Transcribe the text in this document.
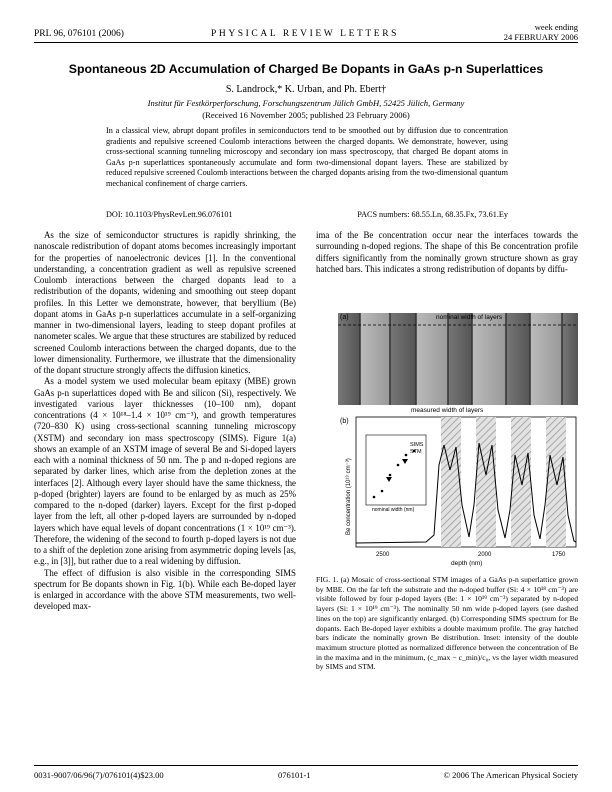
PRL 96, 076101 (2006)	PHYSICAL REVIEW LETTERS
week ending
24 FEBRUARY 2006
Spontaneous 2D Accumulation of Charged Be Dopants in GaAs p-n Superlattices
S. Landrock,* K. Urban, and Ph. Ebert†
Institut für Festkörperforschung, Forschungszentrum Jülich GmbH, 52425 Jülich, Germany
(Received 16 November 2005; published 23 February 2006)
In a classical view, abrupt dopant profiles in semiconductors tend to be smoothed out by diffusion due to concentration gradients and repulsive screened Coulomb interactions between the charged dopants. We demonstrate, however, using cross-sectional scanning tunneling microscopy and secondary ion mass spectroscopy, that charged Be dopant atoms in GaAs p-n superlattices spontaneously accumulate and form two-dimensional dopant layers. These are stabilized by reduced repulsive screened Coulomb interactions between the charged dopants arising from the two-dimensional quantum mechanical confinement of charge carriers.
DOI: 10.1103/PhysRevLett.96.076101	PACS numbers: 68.55.Ln, 68.35.Fx, 73.61.Ey

As the size of semiconductor structures is rapidly shrinking, the nanoscale redistribution of dopant atoms becomes increasingly important for the properties of nanoelectronic devices [1]. In the conventional understanding, a concentration gradient as well as repulsive screened Coulomb interactions between the charged dopants lead to a redistribution of the dopants, widening and smoothing out steep dopant profiles. In this Letter we demonstrate, however, that beryllium (Be) dopant atoms in GaAs p-n superlattices accumulate in a self-organizing manner in two-dimensional layers, leading to steep dopant profiles at nanometer scales. We argue that these structures are stabilized by reduced screened Coulomb interactions between the charged dopants, due to the lower dimensionality. Furthermore, we illustrate that the dimensionality of the dopant structure strongly affects the diffusion kinetics.

As a model system we used molecular beam epitaxy (MBE) grown GaAs p-n superlattices doped with Be and silicon (Si), respectively. We investigated various layer thicknesses (10–100 nm), dopant concentrations (4 × 10¹⁸–1.4 × 10¹⁹ cm⁻³), and growth temperatures (720–830 K) using cross-sectional scanning tunneling microscopy (XSTM) and secondary ion mass spectroscopy (SIMS). Figure 1(a) shows an example of an XSTM image of several Be and Si-doped layers each with a nominal thickness of 50 nm. The p and n-doped regions are separated by darker lines, which arise from the depletion zones at the interfaces [2]. Although every layer should have the same thickness, the p-doped (brighter) layers are found to be enlarged by as much as 25% compared to the n-doped (darker) layers. Except for the first p-doped layer from the left, all other p-doped layers are surrounded by n-doped layers which have equal levels of dopant concentrations (1 × 10¹⁹ cm⁻³). Therefore, the widening of the second to fourth p-doped layers is not due to a shift of the depletion zone arising from asymmetric doping levels [as, e.g., in [3]], but rather due to a real widening by diffusion.

The effect of diffusion is also visible in the corresponding SIMS spectrum for Be dopants shown in Fig. 1(b). While each Be-doped layer is enlarged in accordance with the above STM measurements, two well-developed max-

ima of the Be concentration occur near the interfaces towards the surrounding n-doped regions. The shape of this Be concentration profile differs significantly from the nominally grown structure shown as gray hatched bars. This indicates a strong redistribution of dopants by diffu-

(a)	nominal width of layers
measured width of layers
SIMS
STM
nominal width (nm)
(b)
Be concentration (10¹⁹ cm⁻³)
2500	2000	1750
depth (nm)
FIG. 1. (a) Mosaic of cross-sectional STM images of a GaAs p-n superlattice grown by MBE. On the far left the substrate and the n-doped buffer (Si: 4 × 10¹⁸ cm⁻³) are visible followed by four p-doped layers (Be: 1 × 10¹⁹ cm⁻³) separated by n-doped layers (Si: 1 × 10¹⁹ cm⁻³). The nominally 50 nm wide p-doped layers (see dashed lines on the top) are significantly enlarged. (b) Corresponding SIMS spectrum for Be dopants. Each Be-doped layer exhibits a double maximum profile. The gray hatched bars indicate the nominally grown Be distribution. Inset: intensity of the double maximum structure plotted as normalized difference between the concentration of Be in the maxima and in the minimum, (c_max − c_min)/c₀, vs the layer width measured by SIMS and STM.
0031-9007/06/96(7)/076101(4)$23.00	076101-1	© 2006 The American Physical Society
